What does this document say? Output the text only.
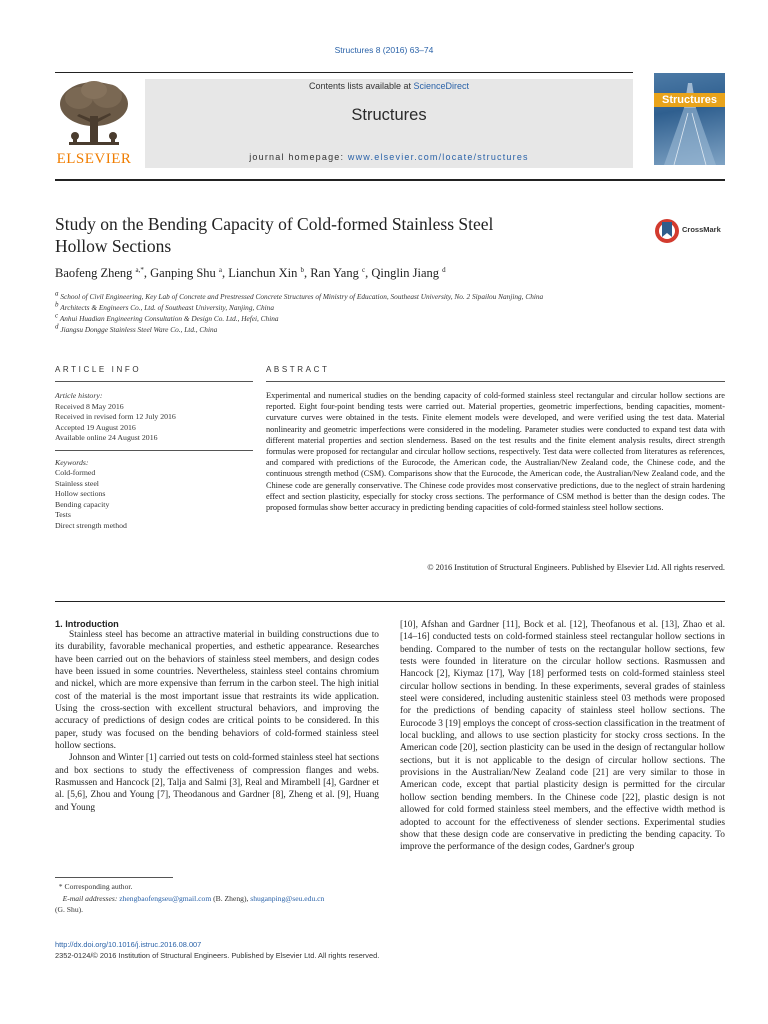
Structures 8 (2016) 63–74
Contents lists available at ScienceDirect
Structures
journal homepage: www.elsevier.com/locate/structures
ELSEVIER
Structures
Study on the Bending Capacity of Cold-formed Stainless Steel
Hollow Sections
CrossMark
Baofeng Zheng $^{a,*}$, Ganping Shu $^a$, Lianchun Xin $^b$, Ran Yang $^c$, Qinglin Jiang $^d$
$^a$ School of Civil Engineering, Key Lab of Concrete and Prestressed Concrete Structures of Ministry of Education, Southeast University, No. 2 Sipailou Nanjing, China
$^b$ Architects & Engineers Co., Ltd. of Southeast University, Nanjing, China
$^c$ Anhui Huadian Engineering Consultation & Design Co. Ltd., Hefei, China
$^d$ Jiangsu Dongge Stainless Steel Ware Co., Ltd., China
ARTICLE INFO	ABSTRACT
Article history:
Received 8 May 2016
Received in revised form 12 July 2016
Accepted 19 August 2016
Available online 24 August 2016
Keywords:
Cold-formed
Stainless steel
Hollow sections
Bending capacity
Tests
Direct strength method
Experimental and numerical studies on the bending capacity of cold-formed stainless steel rectangular and circular hollow sections are reported. Eight four-point bending tests were carried out. Material properties, geometric imperfections, bending capacities, moment-curvature curves were obtained in the tests. Finite element models were developed, and were verified using the test data. Material nonlinearity and geometric imperfections were considered in the modeling. Parameter studies were conducted to expand test data with different material properties and section slenderness. Based on the test results and the finite element analysis results, direct strength formulas were proposed for rectangular and circular hollow sections, respectively. Test data were collected from literatures as references, and compared with predictions of the Eurocode, the American code, the Australian/New Zealand code, the Chinese code, and the continuous strength method (CSM). Comparisons show that the Eurocode, the American code, the Australian/New Zealand code, and the Chinese code are generally conservative. The Chinese code provides most conservative predictions, due to the neglect of strain hardening effect and section plasticity, especially for stocky cross sections. The performance of CSM method is better than the design codes. The proposed formulas show better accuracy in predicting bending capacities of cold-formed stainless steel hollow sections.
© 2016 Institution of Structural Engineers. Published by Elsevier Ltd. All rights reserved.
1. Introduction

Stainless steel has become an attractive material in building constructions due to its durability, favorable mechanical properties, and esthetic appearance. Researches have been carried out on the behaviors of stainless steel members, and design codes have been issued in some countries. Nevertheless, stainless steel contains chromium and nickel, which are more expensive than ferrum in the carbon steel. The high initial cost of the material is the most important issue that restraints its wide application. Using the cross-section with excellent structural behaviors, and improving the accuracy of predictions of design codes are critical points to be considered. In this paper, study was focused on the bending behaviors of cold-formed stainless steel hollow sections.

Johnson and Winter [1] carried out tests on cold-formed stainless steel hat sections and box sections to study the effectiveness of compression flanges and webs. Rasmussen and Hancock [2], Talja and Salmi [3], Real and Mirambell [4], Gardner et al. [5,6], Zhou and Young [7], Theodanous and Gardner [8], Zheng et al. [9], Huang and Young

[10], Afshan and Gardner [11], Bock et al. [12], Theofanous et al. [13], Zhao et al. [14–16] conducted tests on cold-formed stainless steel rectangular hollow sections in bending. Compared to the number of tests on the rectangular hollow sections, few tests were founded in literature on the circular hollow sections. Rasmussen and Hancock [2], Kiymaz [17], Way [18] performed tests on cold-formed stainless steel circular hollow sections in bending. In these experiments, several grades of stainless steel were considered, including austenitic stainless steel 03 methods were proposed for the predictions of bending capacity of stainless steel hollow sections. The Eurocode 3 [19] employs the concept of cross-section classification in the treatment of local buckling, and allows to use section plasticity for stocky cross sections. In the American code [20], section plasticity can be used in the design of rectangular hollow sections, but it is not applicable to the design of circular hollow sections. The provisions in the Australian/New Zealand code [21] are very similar to those in American code, except that partial plasticity design is permitted for the circular hollow section bending members. In the Chinese code [22], plastic design is not allowed for cold formed stainless steel members, and the effective width method is adopted to account for the effectiveness of slender sections. Experimental studies show that these design code are conservative in predicting the bending capacity. To improve the performance of the design codes, Gardner's group

* Corresponding author.
E-mail addresses: zhengbaofengseu@gmail.com (B. Zheng), shuganping@seu.edu.cn
(G. Shu).
http://dx.doi.org/10.1016/j.istruc.2016.08.007
2352-0124/© 2016 Institution of Structural Engineers. Published by Elsevier Ltd. All rights reserved.
